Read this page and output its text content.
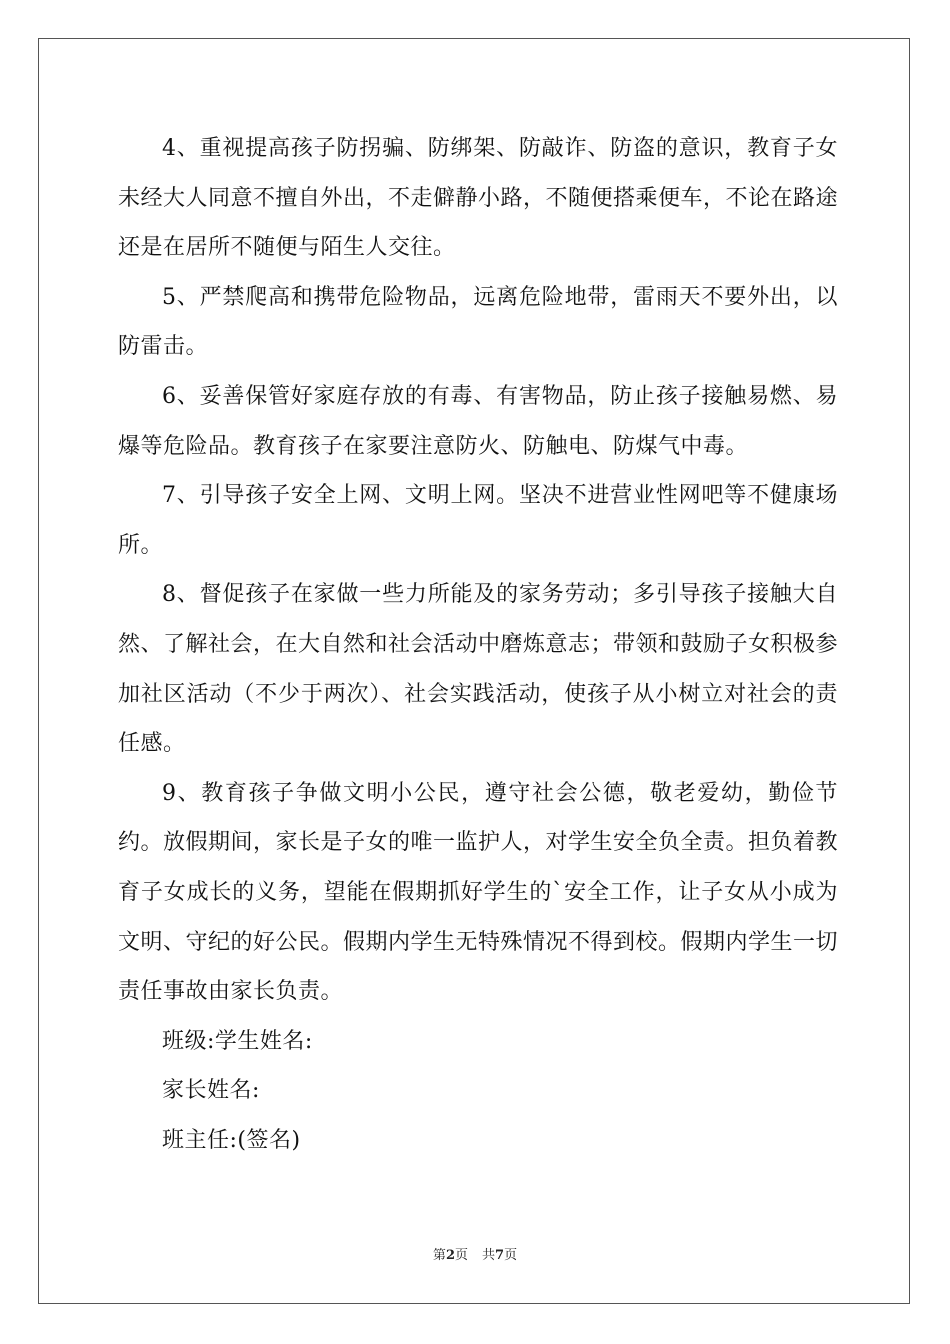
4、重视提高孩子防拐骗、防绑架、防敲诈、防盗的意识，教育子女未经大人同意不擅自外出，不走僻静小路，不随便搭乘便车，不论在路途还是在居所不随便与陌生人交往。

5、严禁爬高和携带危险物品，远离危险地带，雷雨天不要外出，以防雷击。

6、妥善保管好家庭存放的有毒、有害物品，防止孩子接触易燃、易爆等危险品。教育孩子在家要注意防火、防触电、防煤气中毒。

7、引导孩子安全上网、文明上网。坚决不进营业性网吧等不健康场所。

8、督促孩子在家做一些力所能及的家务劳动；多引导孩子接触大自然、了解社会，在大自然和社会活动中磨炼意志；带领和鼓励子女积极参加社区活动（不少于两次）、社会实践活动，使孩子从小树立对社会的责任感。

9、教育孩子争做文明小公民，遵守社会公德，敬老爱幼，勤俭节约。放假期间，家长是子女的唯一监护人，对学生安全负全责。担负着教育子女成长的义务，望能在假期抓好学生的`安全工作，让子女从小成为文明、守纪的好公民。假期内学生无特殊情况不得到校。假期内学生一切责任事故由家长负责。

班级:学生姓名:

家长姓名:

班主任:(签名)

第2页 共7页
